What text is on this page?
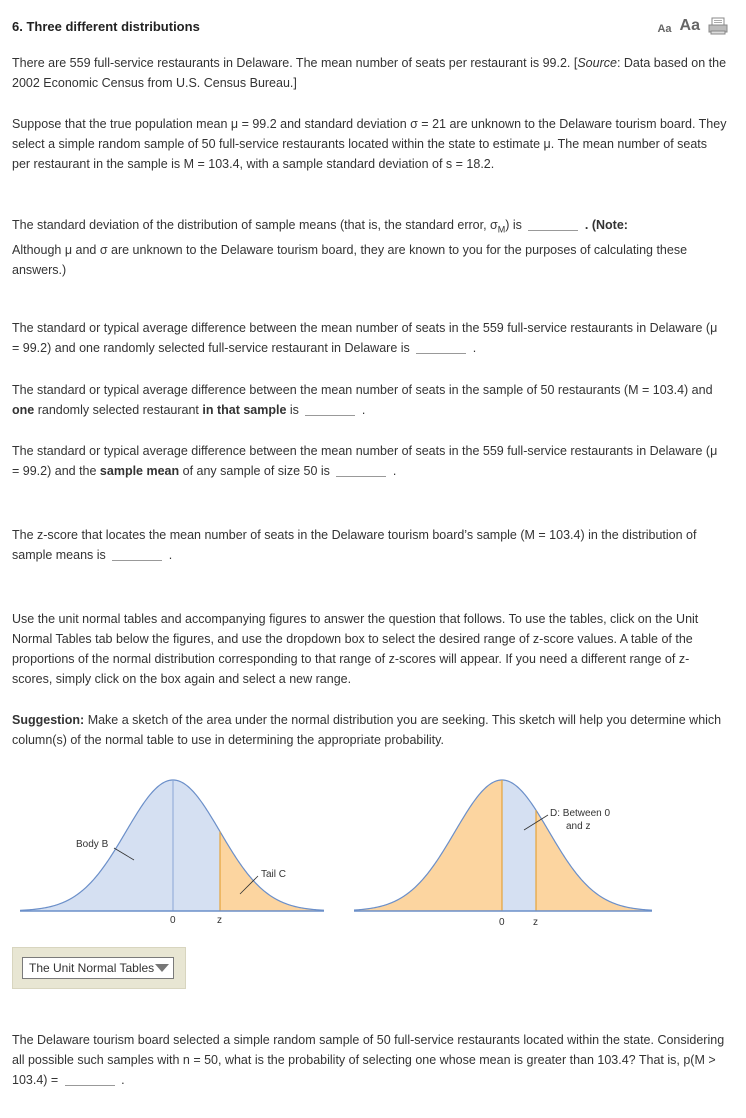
6. Three different distributions	Aa Aa

There are 559 full-service restaurants in Delaware. The mean number of seats per restaurant is 99.2. [Source: Data based on the 2002 Economic Census from U.S. Census Bureau.]

Suppose that the true population mean μ = 99.2 and standard deviation σ = 21 are unknown to the Delaware tourism board. They select a simple random sample of 50 full-service restaurants located within the state to estimate μ. The mean number of seats per restaurant in the sample is M = 103.4, with a sample standard deviation of s = 18.2.

The standard deviation of the distribution of sample means (that is, the standard error, $\sigma_M$) is	. (Note:
Although μ and σ are unknown to the Delaware tourism board, they are known to you for the purposes of calculating these answers.)

The standard or typical average difference between the mean number of seats in the 559 full-service restaurants in Delaware (μ = 99.2) and one randomly selected full-service restaurant in Delaware is	.

The standard or typical average difference between the mean number of seats in the sample of 50 restaurants (M = 103.4) and one randomly selected restaurant in that sample is	.

The standard or typical average difference between the mean number of seats in the 559 full-service restaurants in Delaware (μ = 99.2) and the sample mean of any sample of size 50 is	.

The z-score that locates the mean number of seats in the Delaware tourism board’s sample (M = 103.4) in the distribution of sample means is	.

Use the unit normal tables and accompanying figures to answer the question that follows. To use the tables, click on the Unit Normal Tables tab below the figures, and use the dropdown box to select the desired range of z-score values. A table of the proportions of the normal distribution corresponding to that range of z-scores will appear. If you need a different range of z-scores, simply click on the box again and select a new range.

Suggestion: Make a sketch of the area under the normal distribution you are seeking. This sketch will help you determine which column(s) of the normal table to use in determining the appropriate probability.

Body B
Tail C
0	z
D: Between 0
and z
0	z
The Unit Normal Tables

The Delaware tourism board selected a simple random sample of 50 full-service restaurants located within the state. Considering all possible such samples with n = 50, what is the probability of selecting one whose mean is greater than 103.4? That is, p(M > 103.4) =	.
